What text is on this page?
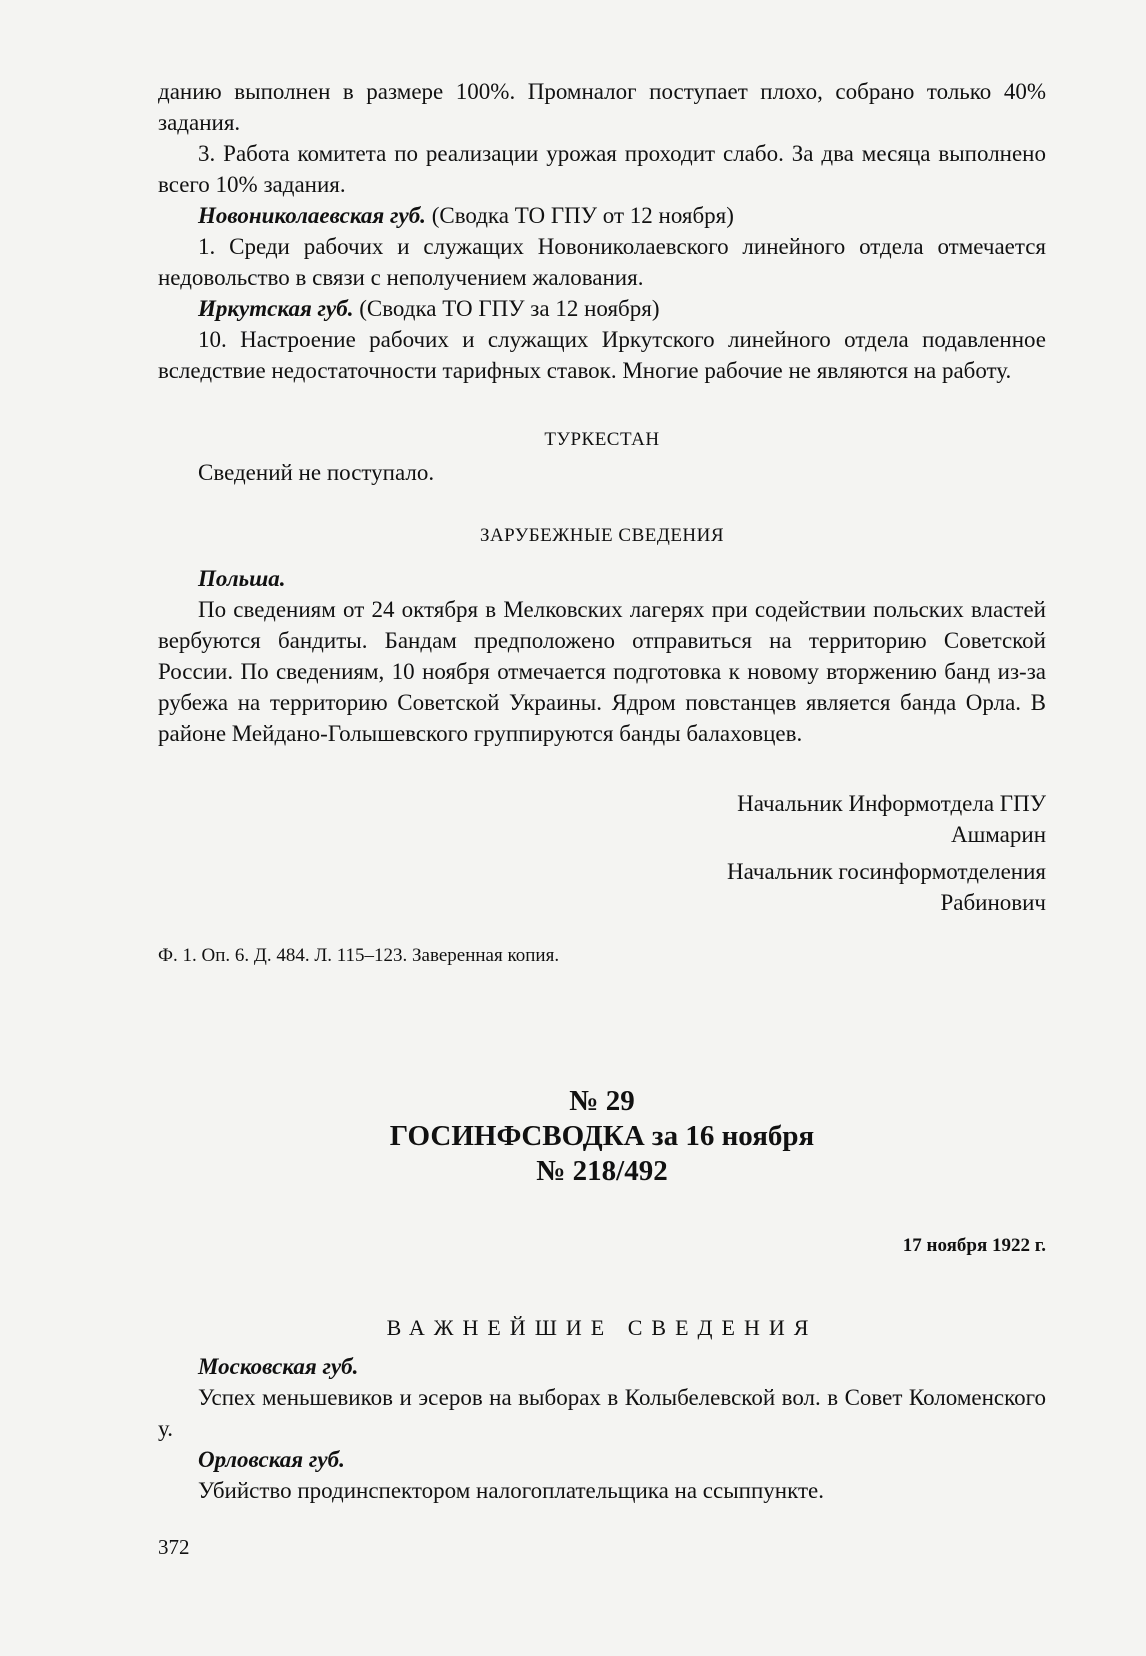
данию выполнен в размере 100%. Промналог поступает плохо, собрано только 40% задания.

3. Работа комитета по реализации урожая проходит слабо. За два месяца выполнено всего 10% задания.

Новониколаевская губ. (Сводка ТО ГПУ от 12 ноября)

1. Среди рабочих и служащих Новониколаевского линейного отдела отмечается недовольство в связи с неполучением жалования.

Иркутская губ. (Сводка ТО ГПУ за 12 ноября)

10. Настроение рабочих и служащих Иркутского линейного отдела подавленное вследствие недостаточности тарифных ставок. Многие рабочие не являются на работу.

ТУРКЕСТАН

Сведений не поступало.

ЗАРУБЕЖНЫЕ СВЕДЕНИЯ

Польша.

По сведениям от 24 октября в Мелковских лагерях при содействии польских властей вербуются бандиты. Бандам предположено отправиться на территорию Советской России. По сведениям, 10 ноября отмечается подготовка к новому вторжению банд из-за рубежа на территорию Советской Украины. Ядром повстанцев является банда Орла. В районе Мейдано-Голышевского группируются банды балаховцев.

Начальник Информотдела ГПУ

Ашмарин

Начальник госинформотделения

Рабинович

Ф. 1. Оп. 6. Д. 484. Л. 115–123. Заверенная копия.

№ 29

ГОСИНФСВОДКА за 16 ноября

№ 218/492

17 ноября 1922 г.

ВАЖНЕЙШИЕ СВЕДЕНИЯ

Московская губ.

Успех меньшевиков и эсеров на выборах в Колыбелевской вол. в Совет Коломенского у.

Орловская губ.

Убийство продинспектором налогоплательщика на ссыппункте.

372
